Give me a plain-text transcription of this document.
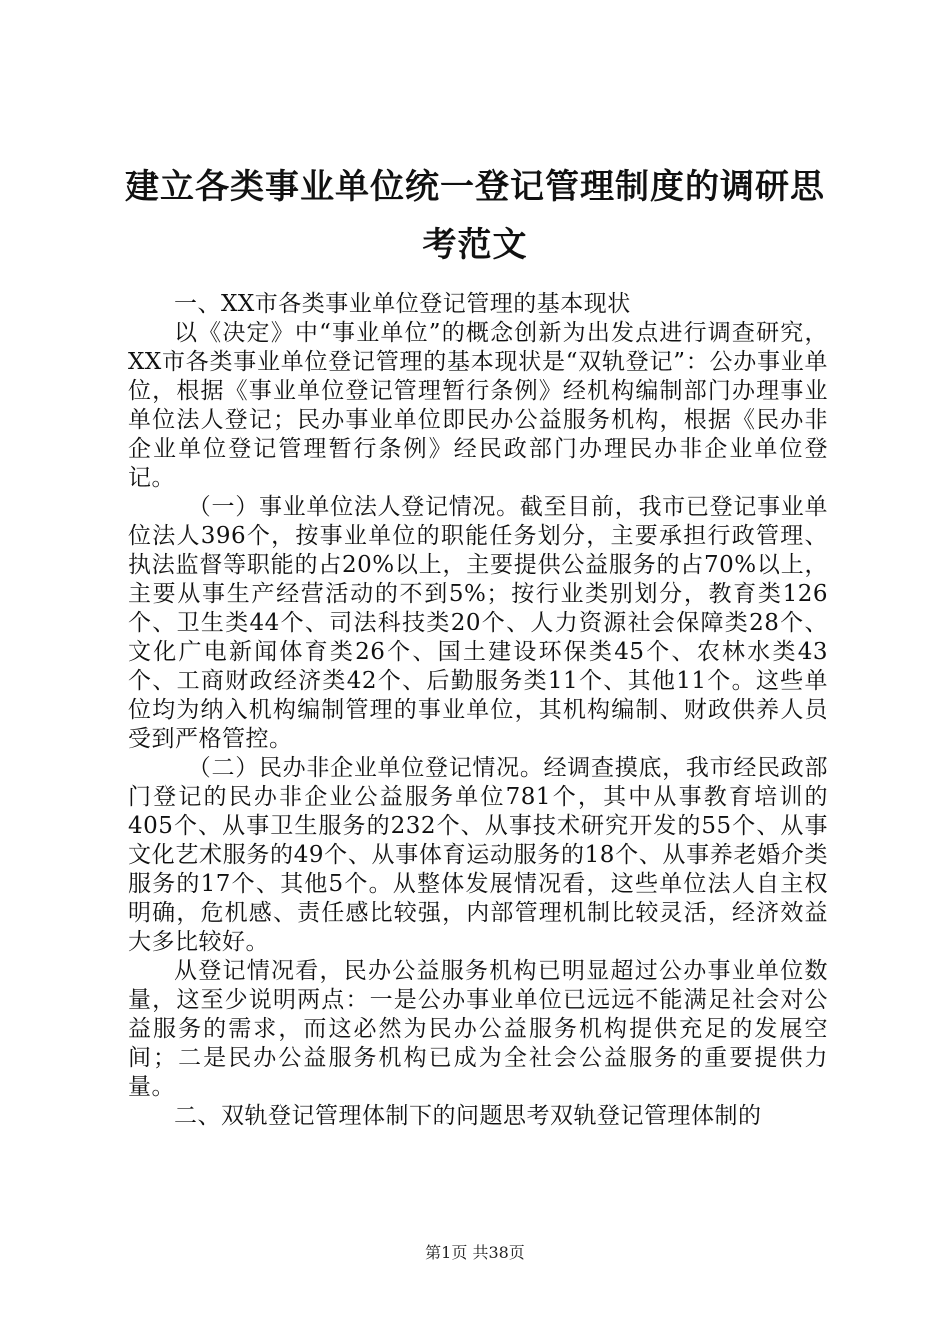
建立各类事业单位统一登记管理制度的调研思考范文

一、XX市各类事业单位登记管理的基本现状

以《决定》中“事业单位”的概念创新为出发点进行调查研究，XX市各类事业单位登记管理的基本现状是“双轨登记”：公办事业单位，根据《事业单位登记管理暂行条例》经机构编制部门办理事业单位法人登记；民办事业单位即民办公益服务机构，根据《民办非企业单位登记管理暂行条例》经民政部门办理民办非企业单位登记。

（一）事业单位法人登记情况。截至目前，我市已登记事业单位法人396个，按事业单位的职能任务划分，主要承担行政管理、执法监督等职能的占20%以上，主要提供公益服务的占70%以上，主要从事生产经营活动的不到5%；按行业类别划分，教育类126个、卫生类44个、司法科技类20个、人力资源社会保障类28个、文化广电新闻体育类26个、国土建设环保类45个、农林水类43个、工商财政经济类42个、后勤服务类11个、其他11个。这些单位均为纳入机构编制管理的事业单位，其机构编制、财政供养人员受到严格管控。

（二）民办非企业单位登记情况。经调查摸底，我市经民政部门登记的民办非企业公益服务单位781个，其中从事教育培训的405个、从事卫生服务的232个、从事技术研究开发的55个、从事文化艺术服务的49个、从事体育运动服务的18个、从事养老婚介类服务的17个、其他5个。从整体发展情况看，这些单位法人自主权明确，危机感、责任感比较强，内部管理机制比较灵活，经济效益大多比较好。

从登记情况看，民办公益服务机构已明显超过公办事业单位数量，这至少说明两点：一是公办事业单位已远远不能满足社会对公益服务的需求，而这必然为民办公益服务机构提供充足的发展空间；二是民办公益服务机构已成为全社会公益服务的重要提供力量。

二、双轨登记管理体制下的问题思考双轨登记管理体制的

第1页 共38页
